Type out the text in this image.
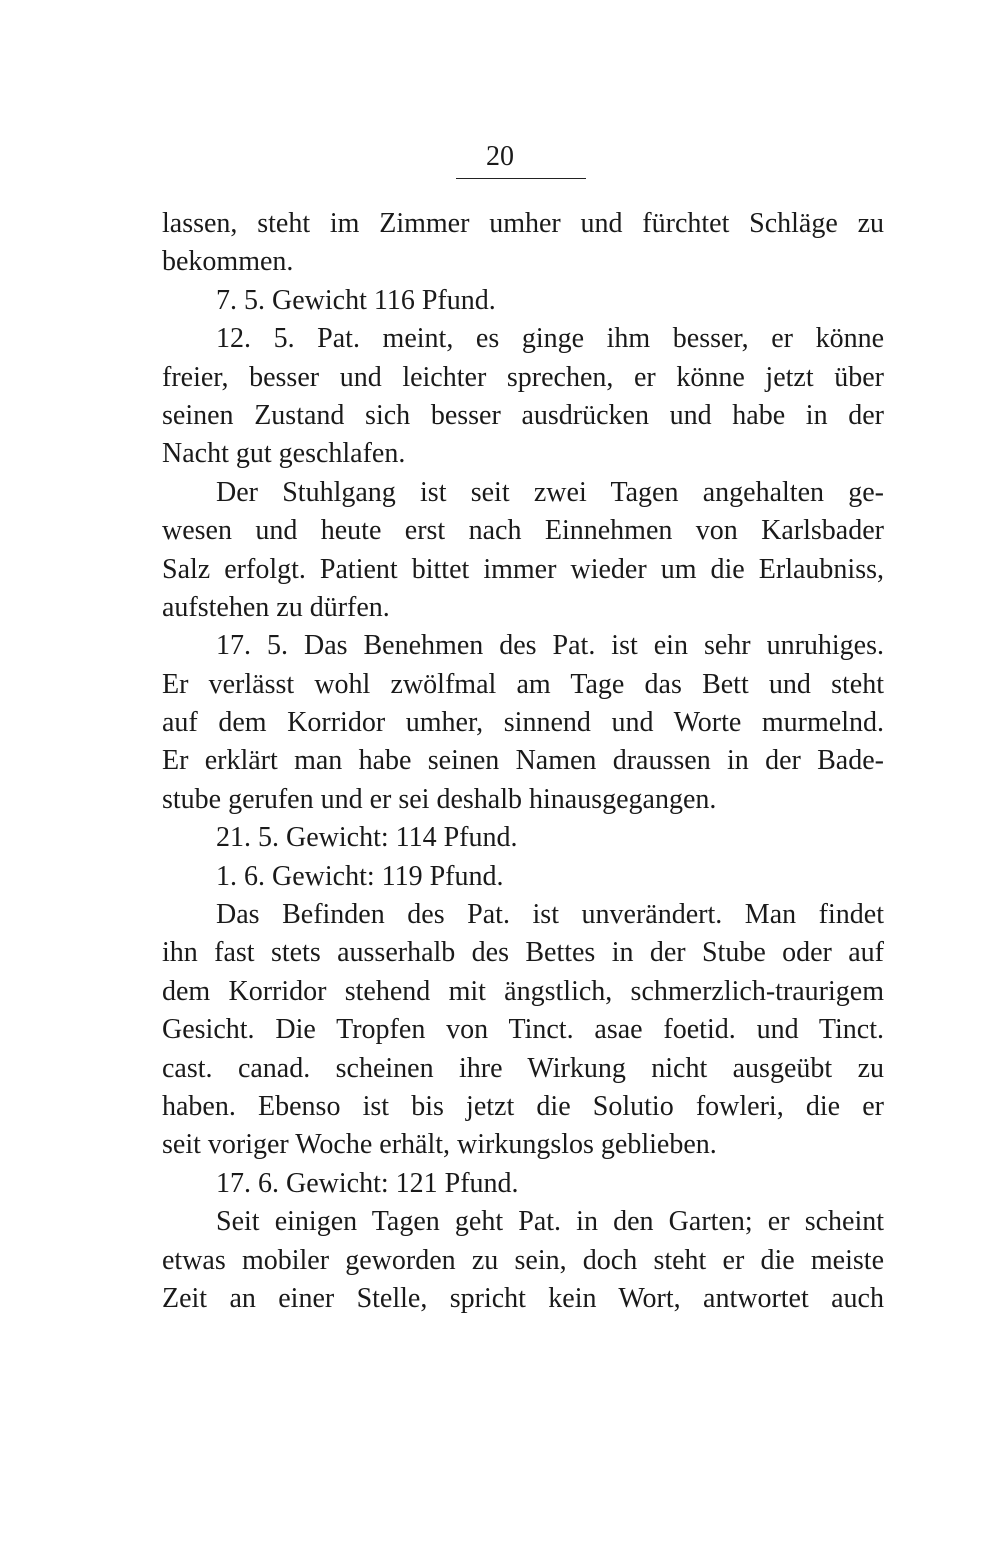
20
lassen, steht im Zimmer umher und fürchtet Schläge zu
bekommen.
7. 5. Gewicht 116 Pfund.
12. 5. Pat. meint, es ginge ihm besser, er könne
freier, besser und leichter sprechen, er könne jetzt über
seinen Zustand sich besser ausdrücken und habe in der
Nacht gut geschlafen.
Der Stuhlgang ist seit zwei Tagen angehalten ge-
wesen und heute erst nach Einnehmen von Karlsbader
Salz erfolgt. Patient bittet immer wieder um die Erlaubniss,
aufstehen zu dürfen.
17. 5. Das Benehmen des Pat. ist ein sehr unruhiges.
Er verlässt wohl zwölfmal am Tage das Bett und steht
auf dem Korridor umher, sinnend und Worte murmelnd.
Er erklärt man habe seinen Namen draussen in der Bade-
stube gerufen und er sei deshalb hinausgegangen.
21. 5. Gewicht: 114 Pfund.
1. 6. Gewicht: 119 Pfund.
Das Befinden des Pat. ist unverändert. Man findet
ihn fast stets ausserhalb des Bettes in der Stube oder auf
dem Korridor stehend mit ängstlich, schmerzlich-traurigem
Gesicht. Die Tropfen von Tinct. asae foetid. und Tinct.
cast. canad. scheinen ihre Wirkung nicht ausgeübt zu
haben. Ebenso ist bis jetzt die Solutio fowleri, die er
seit voriger Woche erhält, wirkungslos geblieben.
17. 6. Gewicht: 121 Pfund.
Seit einigen Tagen geht Pat. in den Garten; er scheint
etwas mobiler geworden zu sein, doch steht er die meiste
Zeit an einer Stelle, spricht kein Wort, antwortet auch
